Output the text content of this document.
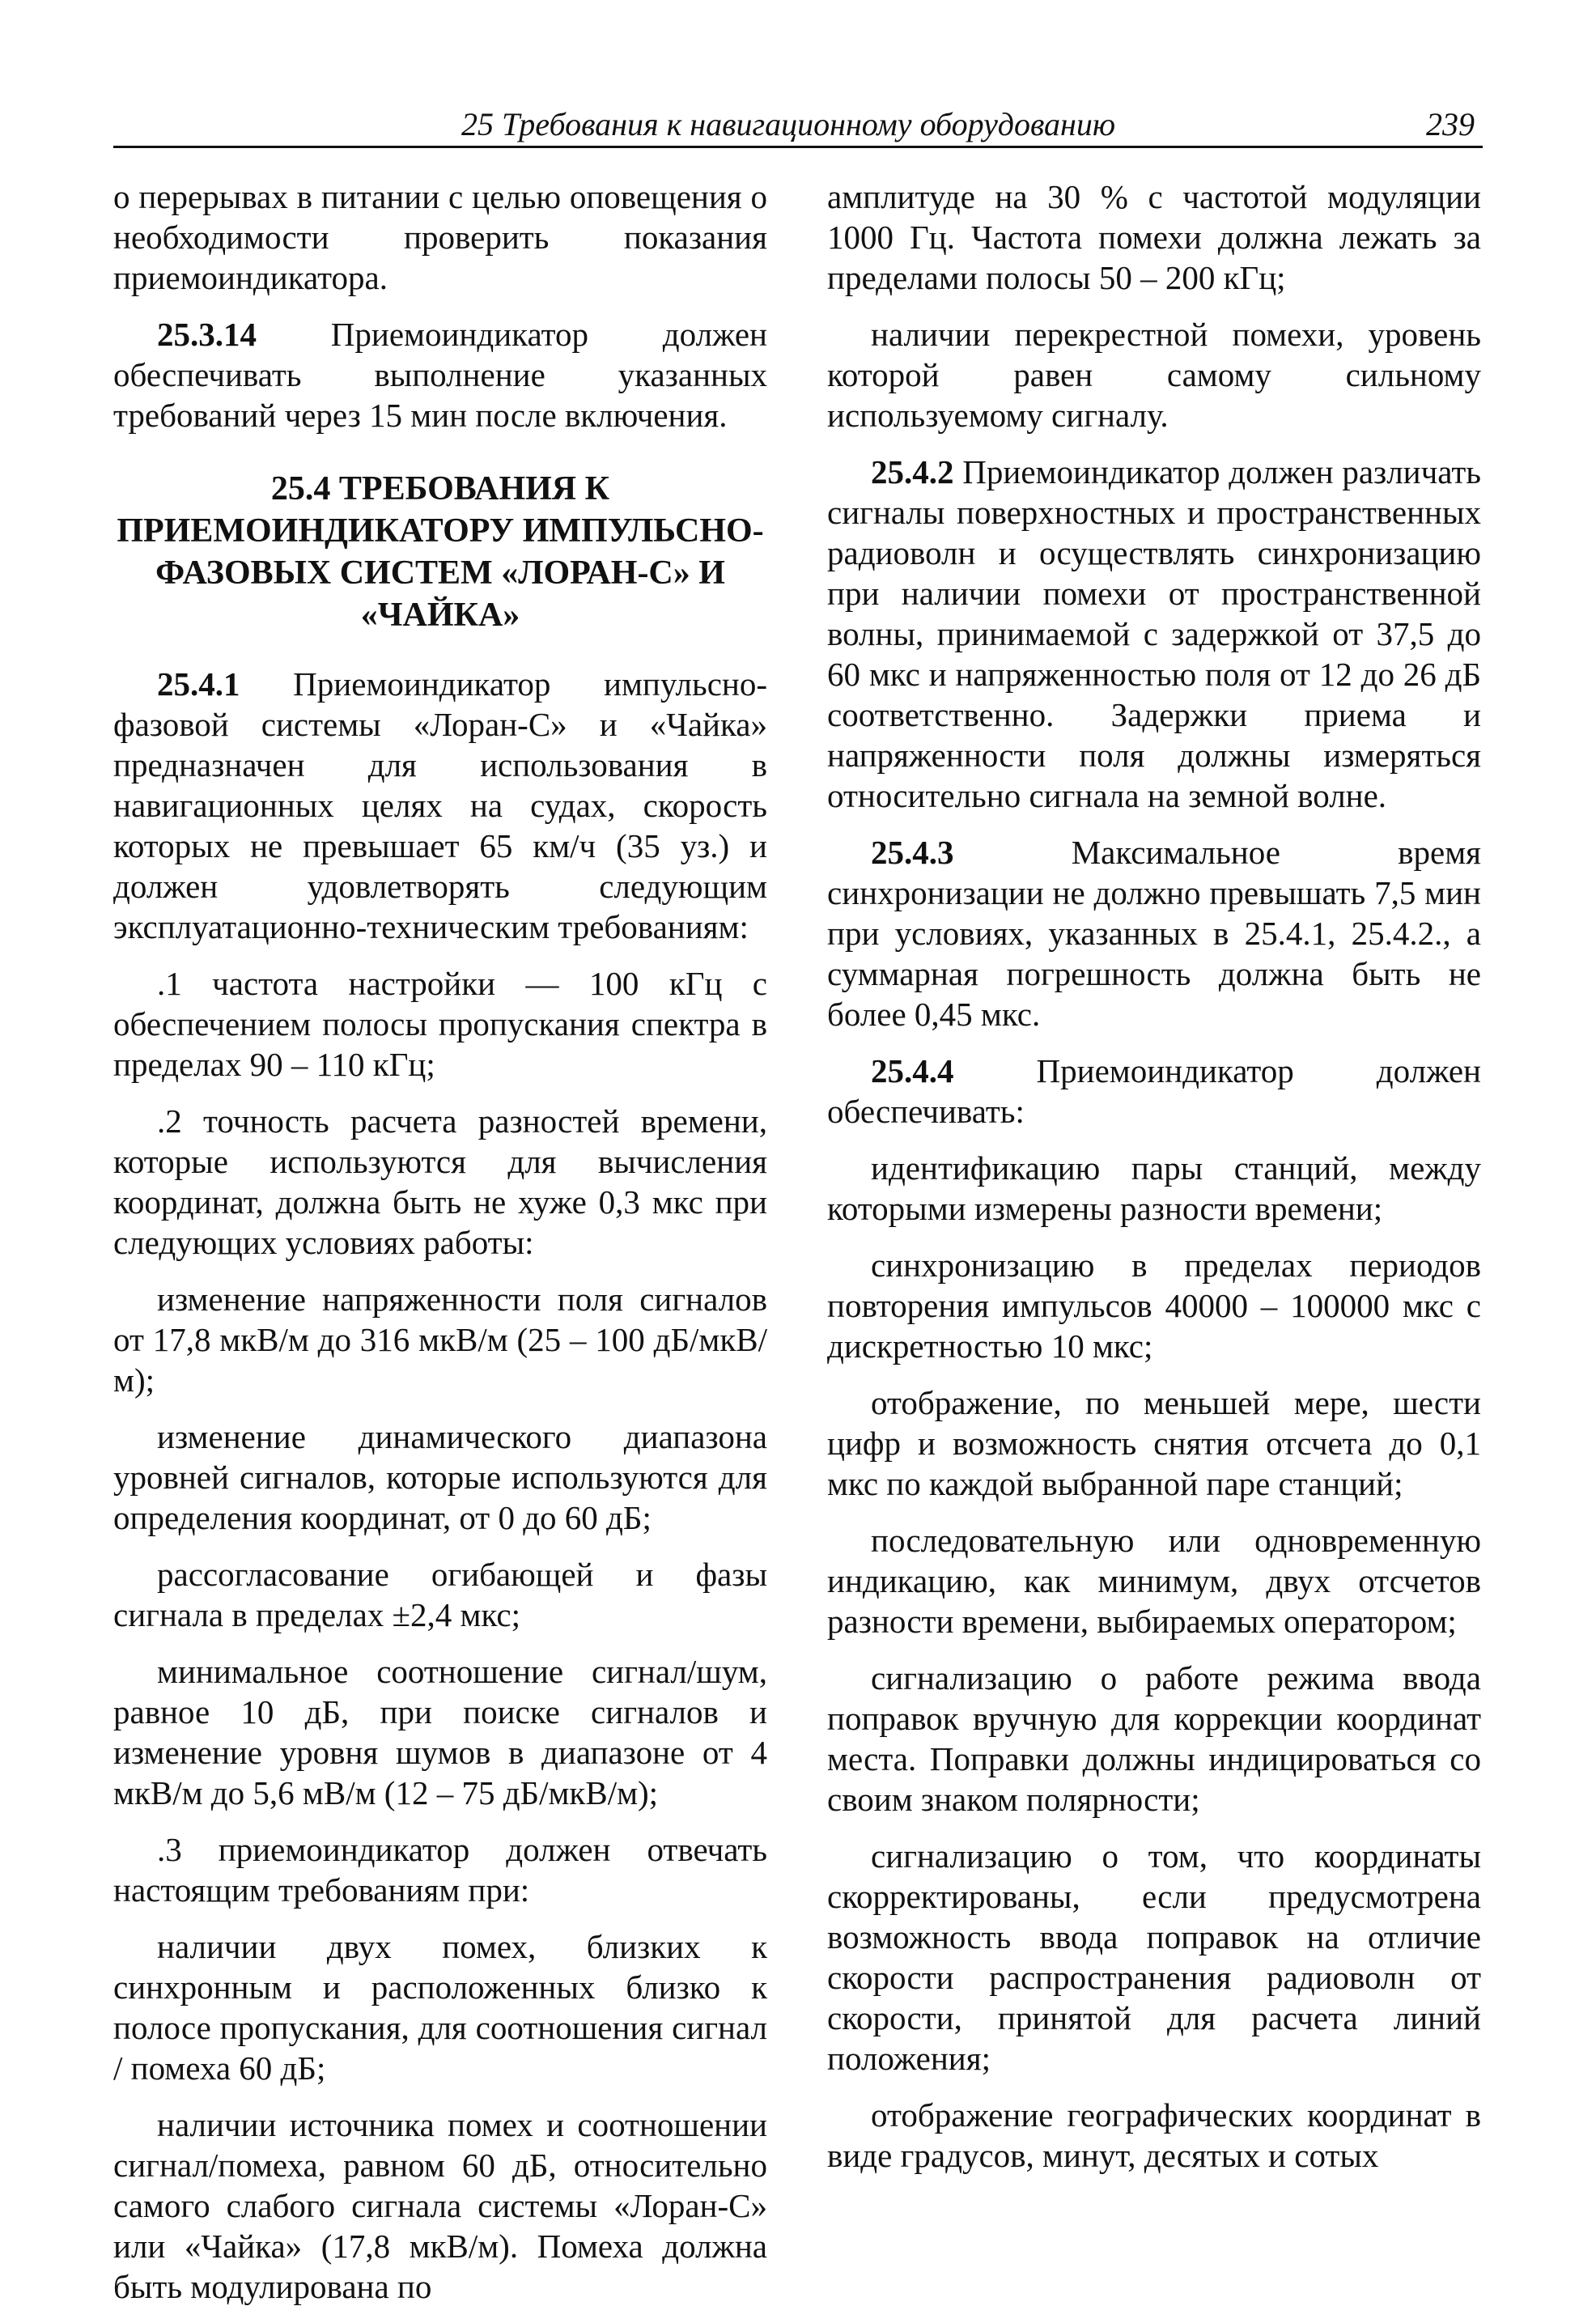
25 Требования к навигационному оборудованию	239

о перерывах в питании с целью оповещения о необходимости проверить показания приемоиндикатора.

25.3.14 Приемоиндикатор должен обеспечивать выполнение указанных требований через 15 мин после включения.

25.4 ТРЕБОВАНИЯ К ПРИЕМОИНДИКАТОРУ ИМПУЛЬСНО-ФАЗОВЫХ СИСТЕМ «ЛОРАН-С» И «ЧАЙКА»

25.4.1 Приемоиндикатор импульсно-фазовой системы «Лоран-С» и «Чайка» предназначен для использования в навигационных целях на судах, скорость которых не превышает 65 км/ч (35 уз.) и должен удовлетворять следующим эксплуатационно-техническим требованиям:

.1 частота настройки — 100 кГц с обеспечением полосы пропускания спектра в пределах 90 – 110 кГц;

.2 точность расчета разностей времени, которые используются для вычисления координат, должна быть не хуже 0,3 мкс при следующих условиях работы:

изменение напряженности поля сигналов от 17,8 мкВ/м до 316 мкВ/м (25 – 100 дБ/мкВ/м);

изменение динамического диапазона уровней сигналов, которые используются для определения координат, от 0 до 60 дБ;

рассогласование огибающей и фазы сигнала в пределах ±2,4 мкс;

минимальное соотношение сигнал/шум, равное 10 дБ, при поиске сигналов и изменение уровня шумов в диапазоне от 4 мкВ/м до 5,6 мВ/м (12 – 75 дБ/мкВ/м);

.3 приемоиндикатор должен отвечать настоящим требованиям при:

наличии двух помех, близких к синхронным и расположенных близко к полосе пропускания, для соотношения сигнал / помеха 60 дБ;

наличии источника помех и соотношении сигнал/помеха, равном 60 дБ, относительно самого слабого сигнала системы «Лоран-С» или «Чайка» (17,8 мкВ/м). Помеха должна быть модулирована по

амплитуде на 30 % с частотой модуляции 1000 Гц. Частота помехи должна лежать за пределами полосы 50 – 200 кГц;

наличии перекрестной помехи, уровень которой равен самому сильному используемому сигналу.

25.4.2 Приемоиндикатор должен различать сигналы поверхностных и пространственных радиоволн и осуществлять синхронизацию при наличии помехи от пространственной волны, принимаемой с задержкой от 37,5 до 60 мкс и напряженностью поля от 12 до 26 дБ соответственно. Задержки приема и напряженности поля должны измеряться относительно сигнала на земной волне.

25.4.3 Максимальное время синхронизации не должно превышать 7,5 мин при условиях, указанных в 25.4.1, 25.4.2., а суммарная погрешность должна быть не более 0,45 мкс.

25.4.4 Приемоиндикатор должен обеспечивать:

идентификацию пары станций, между которыми измерены разности времени;

синхронизацию в пределах периодов повторения импульсов 40000 – 100000 мкс с дискретностью 10 мкс;

отображение, по меньшей мере, шести цифр и возможность снятия отсчета до 0,1 мкс по каждой выбранной паре станций;

последовательную или одновременную индикацию, как минимум, двух отсчетов разности времени, выбираемых оператором;

сигнализацию о работе режима ввода поправок вручную для коррекции координат места. Поправки должны индицироваться со своим знаком полярности;

сигнализацию о том, что координаты скорректированы, если предусмотрена возможность ввода поправок на отличие скорости распространения радиоволн от скорости, принятой для расчета линий положения;

отображение географических координат в виде градусов, минут, десятых и сотых
